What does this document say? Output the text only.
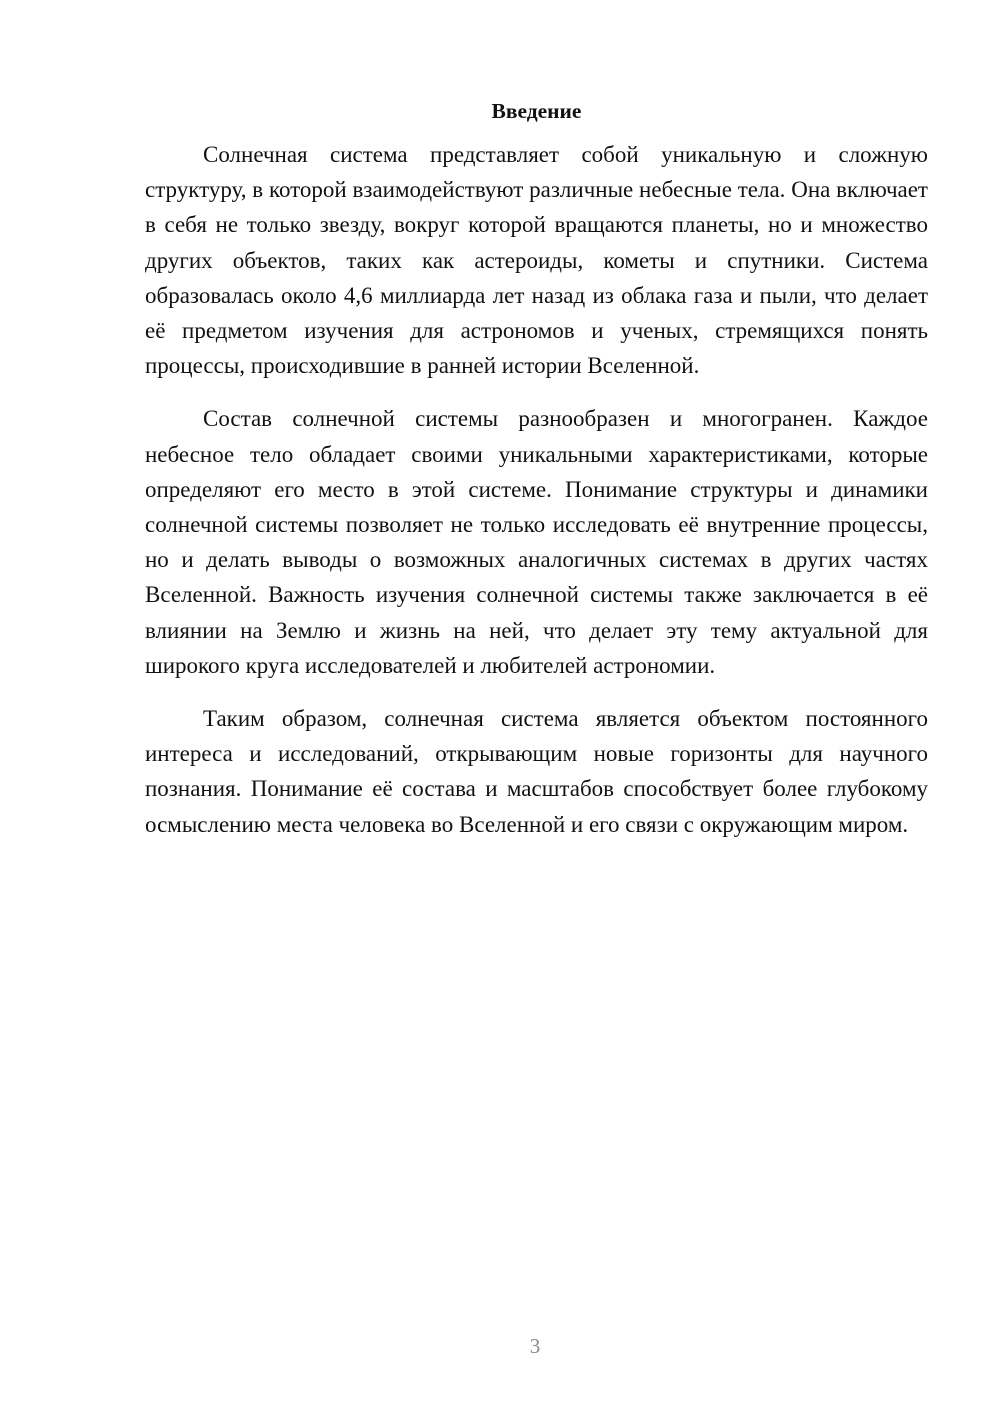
Введение

Солнечная система представляет собой уникальную и сложную структуру, в которой взаимодействуют различные небесные тела. Она включает в себя не только звезду, вокруг которой вращаются планеты, но и множество других объектов, таких как астероиды, кометы и спутники. Система образовалась около 4,6 миллиарда лет назад из облака газа и пыли, что делает её предметом изучения для астрономов и ученых, стремящихся понять процессы, происходившие в ранней истории Вселенной.

Состав солнечной системы разнообразен и многогранен. Каждое небесное тело обладает своими уникальными характеристиками, которые определяют его место в этой системе. Понимание структуры и динамики солнечной системы позволяет не только исследовать её внутренние процессы, но и делать выводы о возможных аналогичных системах в других частях Вселенной. Важность изучения солнечной системы также заключается в её влиянии на Землю и жизнь на ней, что делает эту тему актуальной для широкого круга исследователей и любителей астрономии.

Таким образом, солнечная система является объектом постоянного интереса и исследований, открывающим новые горизонты для научного познания. Понимание её состава и масштабов способствует более глубокому осмыслению места человека во Вселенной и его связи с окружающим миром.

3
